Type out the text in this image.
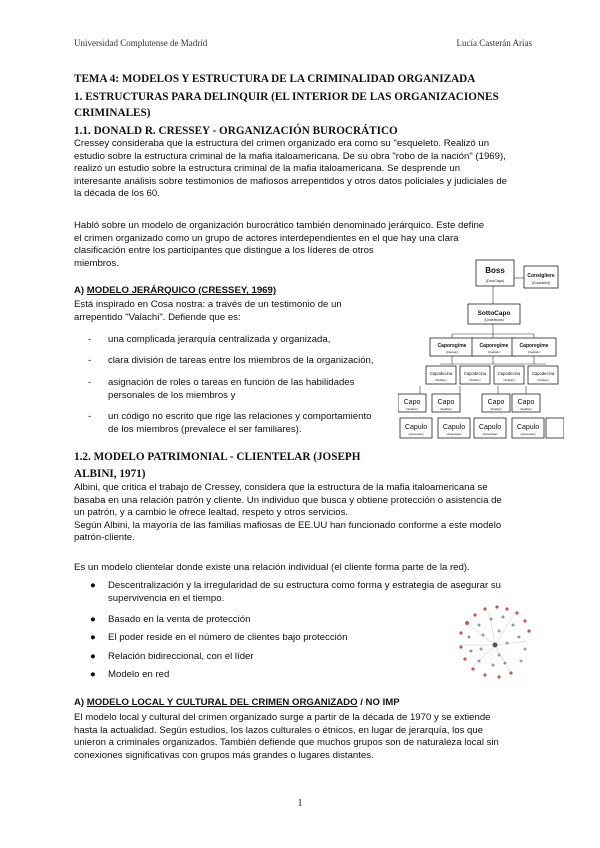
Universidad Complutense de Madrid	Lucía Casterán Arias
TEMA 4: MODELOS Y ESTRUCTURA DE LA CRIMINALIDAD ORGANIZADA
1. ESTRUCTURAS PARA DELINQUIR (EL INTERIOR DE LAS ORGANIZACIONES
CRIMINALES)
1.1. DONALD R. CRESSEY - ORGANIZACIÓN BUROCRÁTICO
Cressey consideraba que la estructura del crimen organizado era como su "esqueleto. Realizó un
estudio sobre la estructura criminal de la mafia italoamericana. De su obra "robo de la nación" (1969),
realizó un estudio sobre la estructura criminal de la mafia italoamericana. Se desprende un
interesante análisis sobre testimonios de mafiosos arrepentidos y otros datos policiales y judiciales de
la década de los 60.
Habló sobre un modelo de organización burocrático también denominado jerárquico. Este define
el crimen organizado como un grupo de actores interdependientes en el que hay una clara
clasificación entre los participantes que distingue a los líderes de otros
miembros.
A) MODELO JERÁRQUICO (CRESSEY, 1969)
Está inspirado en Cosa nostra: a través de un testimonio de un
arrepentido "Valachi". Defiende que es:
- una complicada jerarquía centralizada y organizada,
- clara división de tareas entre los miembros de la organización,
- asignación de roles o tareas en función de las habilidades
personales de los miembros y
- un código no escrito que rige las relaciones y comportamiento
de los miembros (prevalece el ser familiares).
Boss
(Don/Capo)
Consigliere
(Counselor)
SottoCapo
(Underboss)
Caporegime
(Captain)
Caporegime
(Captain)
Caporegime
(Captain)
Capodecina
(Soldier)
Capodecina
(Soldier)
Capodecina
(Soldier)
Capodecina
(Soldier)
Capo
(Soldier)
Capo
(Soldier)
Capo
(Soldier)
Capo
(Soldier)
Capulo
(Associate)
Capulo
(Associate)
Capulo
(Associate)
Capulo
(Associate)
1.2. MODELO PATRIMONIAL - CLIENTELAR (JOSEPH
ALBINI, 1971)
Albini, que critica el trabajo de Cressey, considera que la estructura de la mafia italoamericana se
basaba en una relación patrón y cliente. Un individuo que busca y obtiene protección o asistencia de
un patrón, y a cambio le ofrece lealtad, respeto y otros servicios.
Según Albini, la mayoría de las familias mafiosas de EE.UU han funcionado conforme a este modelo
patrón-cliente.
Es un modelo clientelar donde existe una relación individual (el cliente forma parte de la red).
● Descentralización y la irregularidad de su estructura como forma y estrategia de asegurar su
supervivencia en el tiempo.
● Basado en la venta de protección
● El poder reside en el número de clientes bajo protección
● Relación bidireccional, con el líder
● Modelo en red
A) MODELO LOCAL Y CULTURAL DEL CRIMEN ORGANIZADO / NO IMP
El modelo local y cultural del crimen organizado surge a partir de la década de 1970 y se extiende
hasta la actualidad. Según estudios, los lazos culturales o étnicos, en lugar de jerarquía, los que
unieron a criminales organizados. También defiende que muchos grupos son de naturaleza local sin
conexiones significativas con grupos más grandes o lugares distantes.
1
